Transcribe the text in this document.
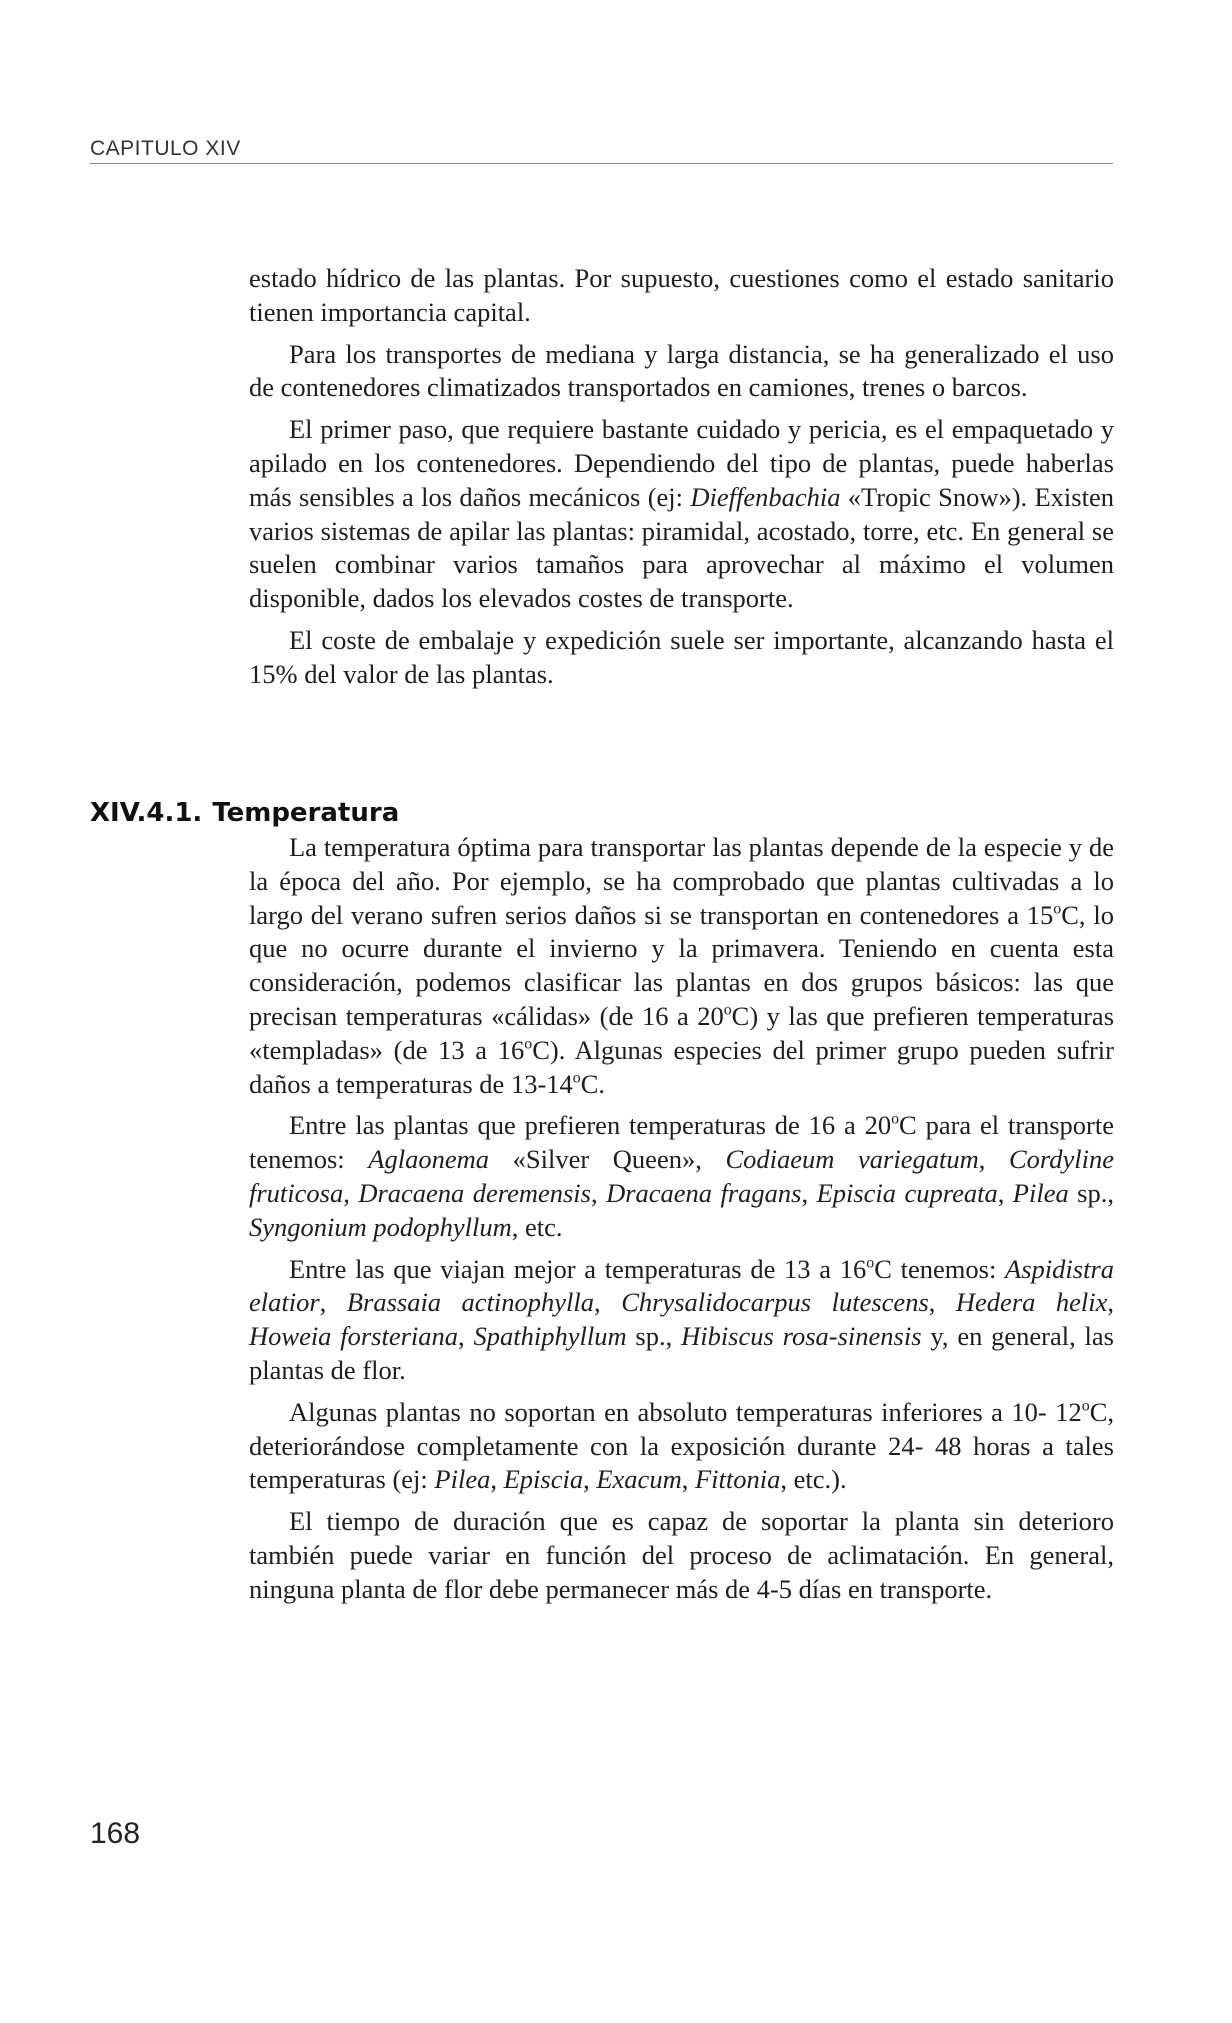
CAPITULO XIV

estado hídrico de las plantas. Por supuesto, cuestiones como el estado sanitario tienen importancia capital.

Para los transportes de mediana y larga distancia, se ha generalizado el uso de contenedores climatizados transportados en camiones, trenes o barcos.

El primer paso, que requiere bastante cuidado y pericia, es el empaquetado y apilado en los contenedores. Dependiendo del tipo de plantas, puede haberlas más sensibles a los daños mecánicos (ej: Dieffenbachia «Tropic Snow»). Existen varios sistemas de apilar las plantas: piramidal, acostado, torre, etc. En general se suelen combinar varios tamaños para aprovechar al máximo el volumen disponible, dados los elevados costes de transporte.

El coste de embalaje y expedición suele ser importante, alcanzando hasta el 15% del valor de las plantas.

XIV.4.1. Temperatura

La temperatura óptima para transportar las plantas depende de la especie y de la época del año. Por ejemplo, se ha comprobado que plantas cultivadas a lo largo del verano sufren serios daños si se transportan en contenedores a 15$^o$C, lo que no ocurre durante el invierno y la primavera. Teniendo en cuenta esta consideración, podemos clasificar las plantas en dos grupos básicos: las que precisan temperaturas «cálidas» (de 16 a 20$^o$C) y las que prefieren temperaturas «templadas» (de 13 a 16$^o$C). Algunas especies del primer grupo pueden sufrir daños a temperaturas de 13-14$^o$C.

Entre las plantas que prefieren temperaturas de 16 a 20$^o$C para el transporte tenemos: Aglaonema «Silver Queen», Codiaeum variegatum, Cordyline fruticosa, Dracaena deremensis, Dracaena fragans, Episcia cupreata, Pilea sp., Syngonium podophyllum, etc.

Entre las que viajan mejor a temperaturas de 13 a 16$^o$C tenemos: Aspidistra elatior, Brassaia actinophylla, Chrysalidocarpus lutescens, Hedera helix, Howeia forsteriana, Spathiphyllum sp., Hibiscus rosa-sinensis y, en general, las plantas de flor.

Algunas plantas no soportan en absoluto temperaturas inferiores a 10- 12$^o$C, deteriorándose completamente con la exposición durante 24- 48 horas a tales temperaturas (ej: Pilea, Episcia, Exacum, Fittonia, etc.).

El tiempo de duración que es capaz de soportar la planta sin deterioro también puede variar en función del proceso de aclimatación. En general, ninguna planta de flor debe permanecer más de 4-5 días en transporte.

168
